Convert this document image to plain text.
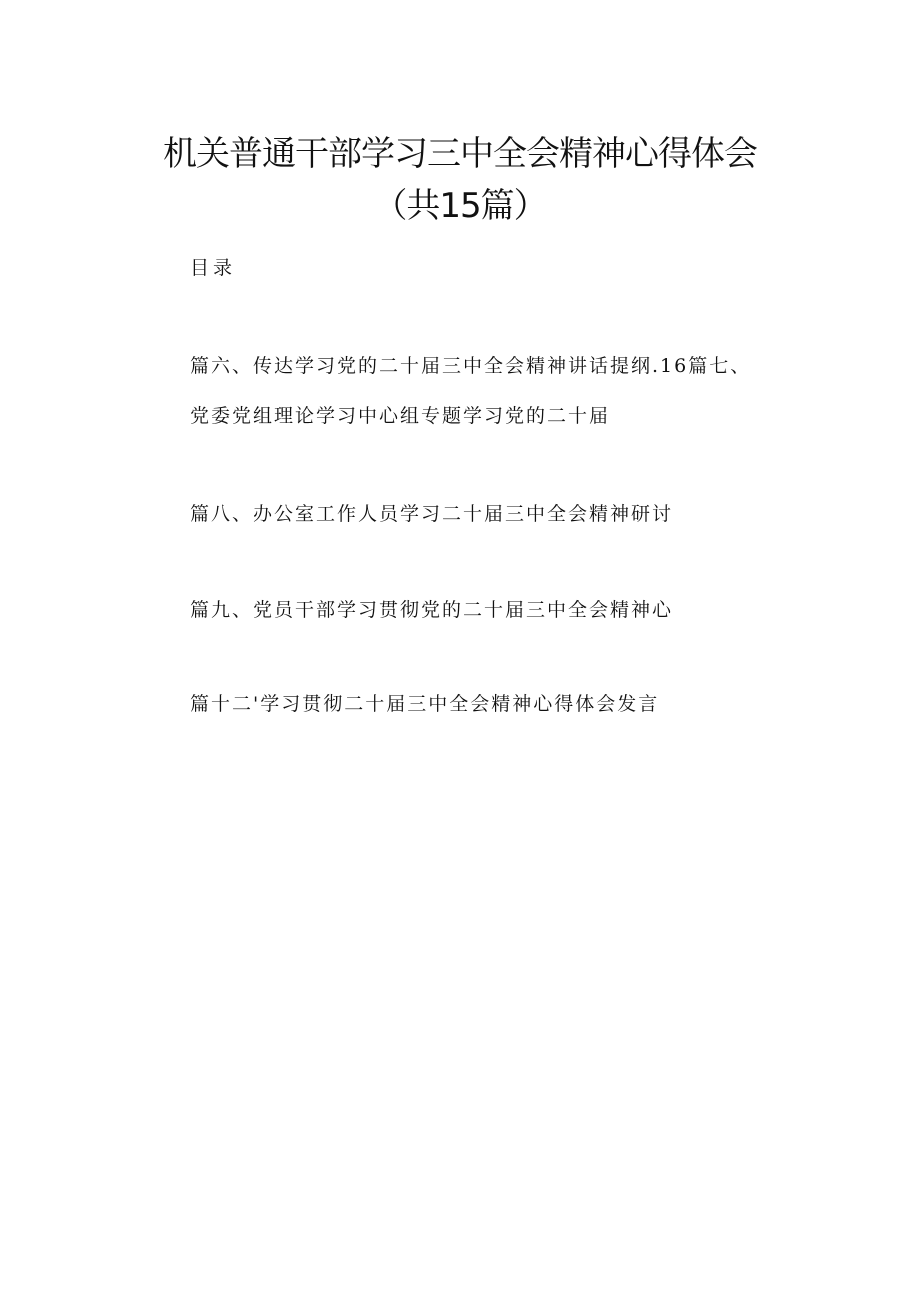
机关普通干部学习三中全会精神心得体会
（共15篇）
目录
篇六、传达学习党的二十届三中全会精神讲话提纲.16篇七、
党委党组理论学习中心组专题学习党的二十届
篇八、办公室工作人员学习二十届三中全会精神研讨
篇九、党员干部学习贯彻党的二十届三中全会精神心
篇十二'学习贯彻二十届三中全会精神心得体会发言
